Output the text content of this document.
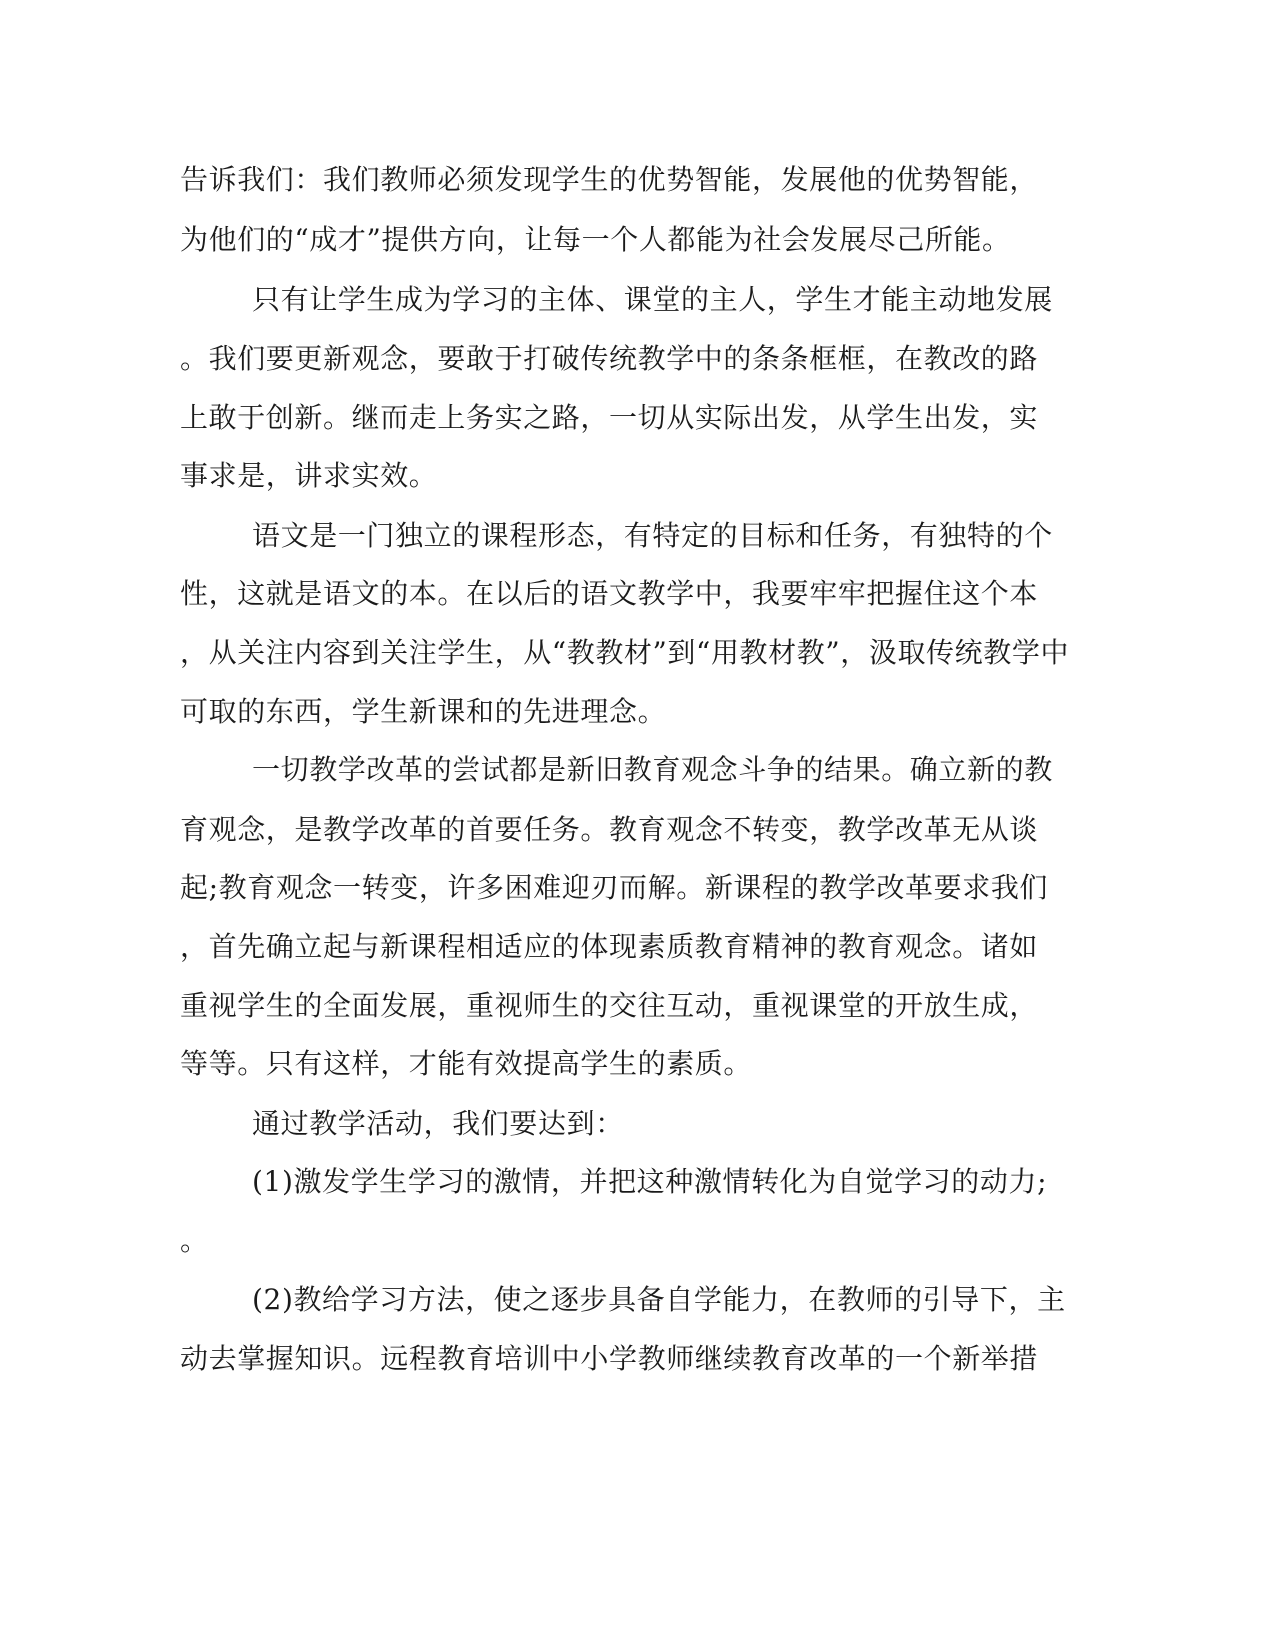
告诉我们：我们教师必须发现学生的优势智能，发展他的优势智能，

为他们的“成才”提供方向，让每一个人都能为社会发展尽己所能。

只有让学生成为学习的主体、课堂的主人，学生才能主动地发展

。我们要更新观念，要敢于打破传统教学中的条条框框，在教改的路

上敢于创新。继而走上务实之路，一切从实际出发，从学生出发，实

事求是，讲求实效。

语文是一门独立的课程形态，有特定的目标和任务，有独特的个

性，这就是语文的本。在以后的语文教学中，我要牢牢把握住这个本

，从关注内容到关注学生，从“教教材”到“用教材教”，汲取传统教学中

可取的东西，学生新课和的先进理念。

一切教学改革的尝试都是新旧教育观念斗争的结果。确立新的教

育观念，是教学改革的首要任务。教育观念不转变，教学改革无从谈

起;教育观念一转变，许多困难迎刃而解。新课程的教学改革要求我们

，首先确立起与新课程相适应的体现素质教育精神的教育观念。诸如

重视学生的全面发展，重视师生的交往互动，重视课堂的开放生成，

等等。只有这样，才能有效提高学生的素质。

通过教学活动，我们要达到：

(1)激发学生学习的激情，并把这种激情转化为自觉学习的动力;

。

(2)教给学习方法，使之逐步具备自学能力，在教师的引导下，主

动去掌握知识。远程教育培训中小学教师继续教育改革的一个新举措
